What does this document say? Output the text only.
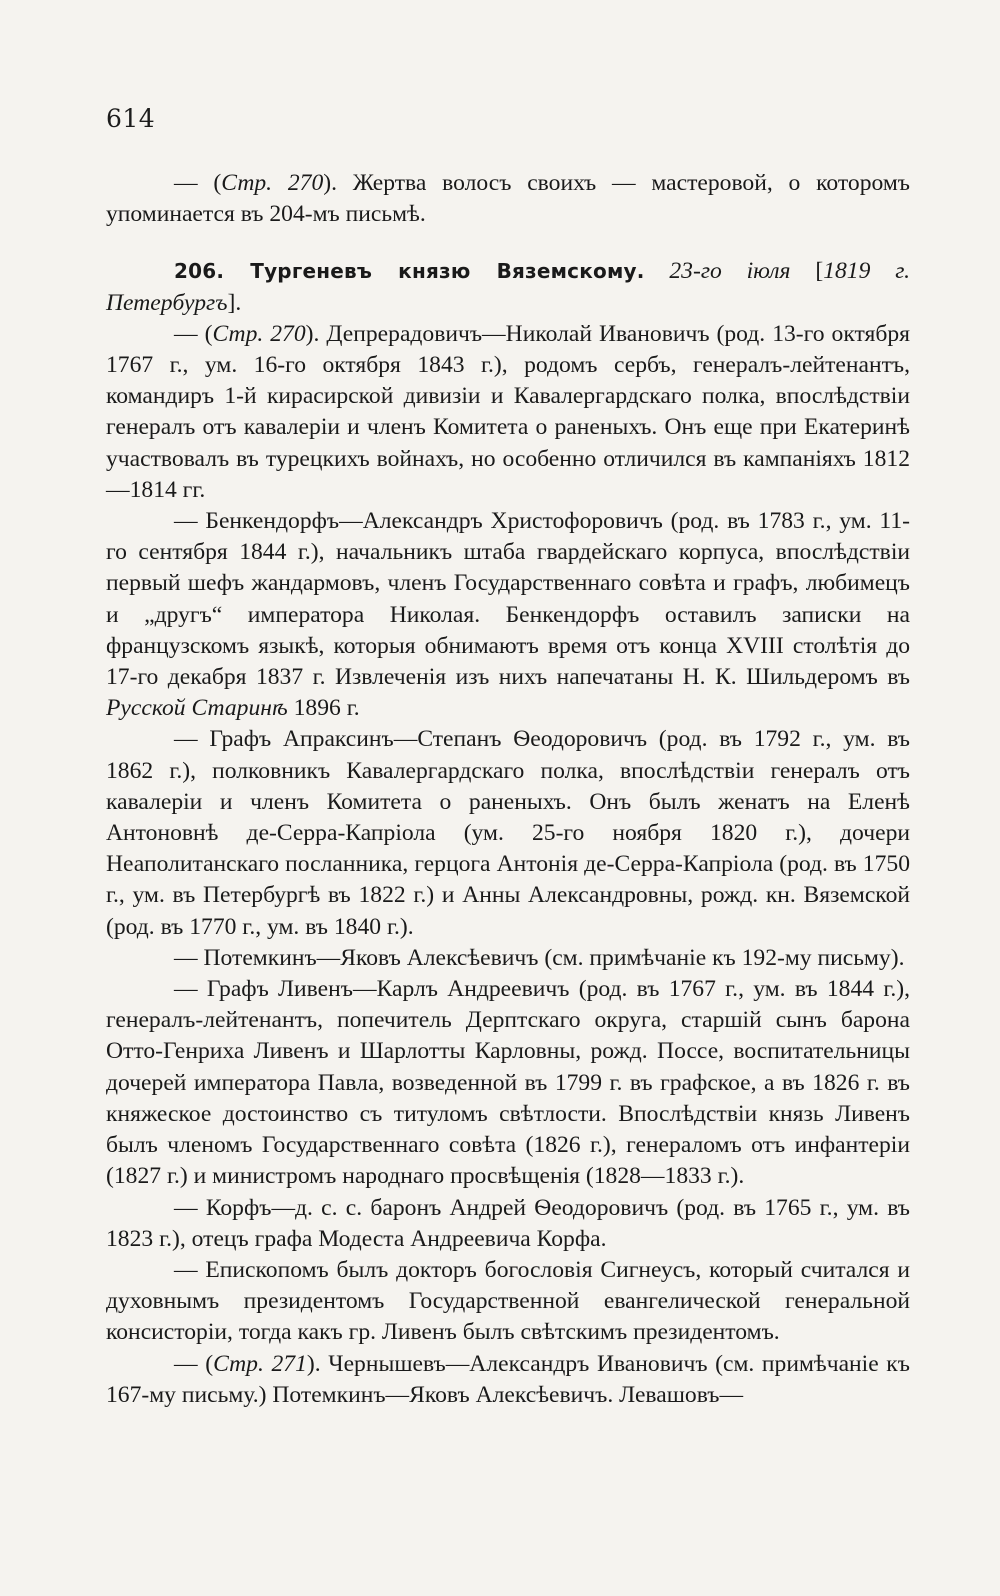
614

— (Стр. 270). Жертва волосъ своихъ — мастеровой, о которомъ упоминается въ 204-мъ письмѣ.

206. Тургеневъ князю Вяземскому. 23-го іюля [1819 г. Петербургъ].

— (Стр. 270). Депрерадовичъ—Николай Ивановичъ (род. 13-го октября 1767 г., ум. 16-го октября 1843 г.), родомъ сербъ, генералъ-лейтенантъ, командиръ 1-й кирасирской дивизіи и Кавалергардскаго полка, впослѣдствіи генералъ отъ кавалеріи и членъ Комитета о раненыхъ. Онъ еще при Екатеринѣ участвовалъ въ турецкихъ войнахъ, но особенно отличился въ кампаніяхъ 1812—1814 гг.

— Бенкендорфъ—Александръ Христофоровичъ (род. въ 1783 г., ум. 11-го сентября 1844 г.), начальникъ штаба гвардейскаго корпуса, впослѣдствіи первый шефъ жандармовъ, членъ Государственнаго совѣта и графъ, любимецъ и „другъ“ императора Николая. Бенкендорфъ оставилъ записки на французскомъ языкѣ, которыя обнимаютъ время отъ конца XVIII столѣтія до 17-го декабря 1837 г. Извлеченія изъ нихъ напечатаны Н. К. Шильдеромъ въ Русской Старинѣ 1896 г.

— Графъ Апраксинъ—Степанъ Ѳеодоровичъ (род. въ 1792 г., ум. въ 1862 г.), полковникъ Кавалергардскаго полка, впослѣдствіи генералъ отъ кавалеріи и членъ Комитета о раненыхъ. Онъ былъ женатъ на Еленѣ Антоновнѣ де-Серра-Капріола (ум. 25-го ноября 1820 г.), дочери Неаполитанскаго посланника, герцога Антонія де-Серра-Капріола (род. въ 1750 г., ум. въ Петербургѣ въ 1822 г.) и Анны Александровны, рожд. кн. Вяземской (род. въ 1770 г., ум. въ 1840 г.).

— Потемкинъ—Яковъ Алексѣевичъ (см. примѣчаніе къ 192-му письму).

— Графъ Ливенъ—Карлъ Андреевичъ (род. въ 1767 г., ум. въ 1844 г.), генералъ-лейтенантъ, попечитель Дерптскаго округа, старшій сынъ барона Отто-Генриха Ливенъ и Шарлотты Карловны, рожд. Поссе, воспитательницы дочерей императора Павла, возведенной въ 1799 г. въ графское, а въ 1826 г. въ княжеское достоинство съ титуломъ свѣтлости. Впослѣдствіи князь Ливенъ былъ членомъ Государственнаго совѣта (1826 г.), генераломъ отъ инфантеріи (1827 г.) и министромъ народнаго просвѣщенія (1828—1833 г.).

— Корфъ—д. с. с. баронъ Андрей Ѳеодоровичъ (род. въ 1765 г., ум. въ 1823 г.), отецъ графа Модеста Андреевича Корфа.

— Епископомъ былъ докторъ богословія Сигнеусъ, который считался и духовнымъ президентомъ Государственной евангелической генеральной консисторіи, тогда какъ гр. Ливенъ былъ свѣтскимъ президентомъ.

— (Стр. 271). Чернышевъ—Александръ Ивановичъ (см. примѣчаніе къ 167-му письму.) Потемкинъ—Яковъ Алексѣевичъ. Левашовъ—
